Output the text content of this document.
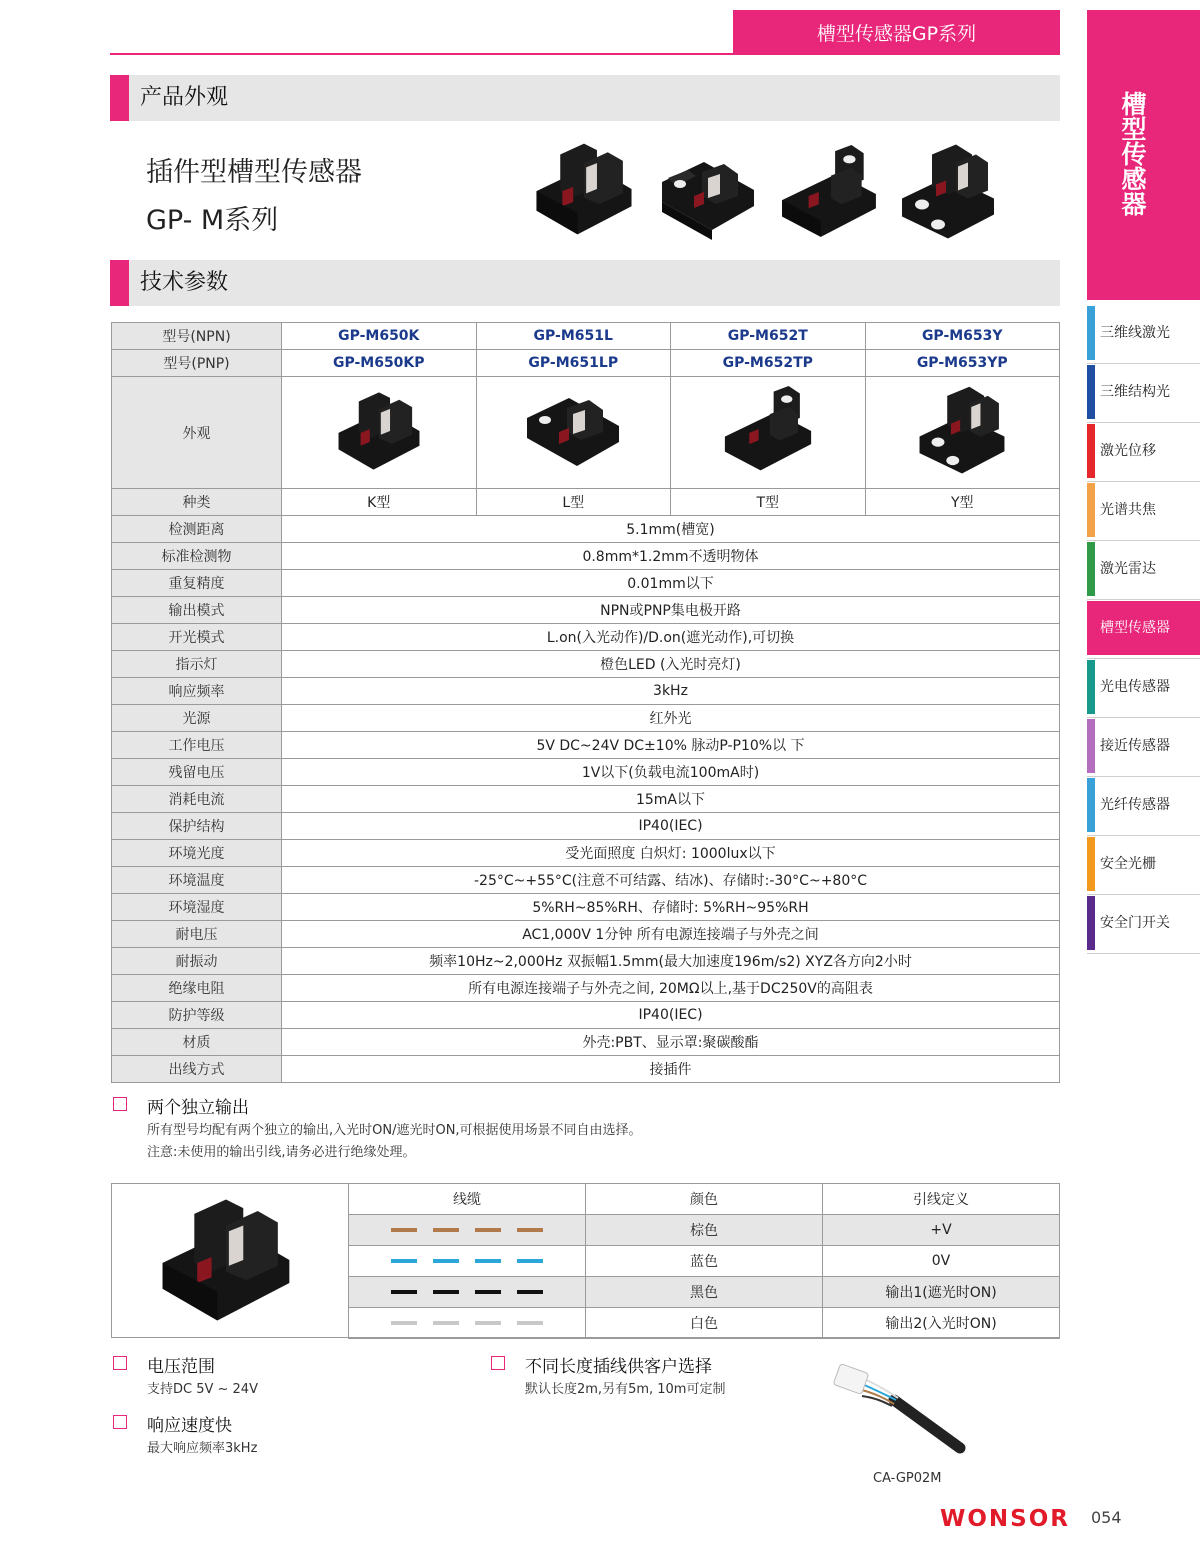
槽型传感器GP系列
产品外观
插件型槽型传感器
GP- M系列
技术参数
型号(NPN)	GP-M650K	GP-M651L	GP-M652T	GP-M653Y
型号(PNP)	GP-M650KP	GP-M651LP	GP-M652TP	GP-M653YP
外观				
种类	K型	L型	T型	Y型
检测距离	5.1mm(槽宽)			
标准检测物	0.8mm*1.2mm不透明物体			
重复精度	0.01mm以下			
输出模式	NPN或PNP集电极开路			
开光模式	L.on(入光动作)/D.on(遮光动作),可切换			
指示灯	橙色LED (入光时亮灯)			
响应频率	3kHz			
光源	红外光			
工作电压	5V DC~24V DC±10% 脉动P-P10%以 下			
残留电压	1V以下(负载电流100mA时)			
消耗电流	15mA以下			
保护结构	IP40(IEC)			
环境光度	受光面照度 白炽灯: 1000lux以下			
环境温度	-25°C~+55°C(注意不可结露、结冰)、存储时:-30°C~+80°C			
环境湿度	5%RH~85%RH、存储时: 5%RH~95%RH			
耐电压	AC1,000V 1分钟 所有电源连接端子与外壳之间			
耐振动	频率10Hz~2,000Hz 双振幅1.5mm(最大加速度196m/s2) XYZ各方向2小时			
绝缘电阻	所有电源连接端子与外壳之间, 20MΩ以上,基于DC250V的高阻表			
防护等级	IP40(IEC)			
材质	外壳:PBT、显示罩:聚碳酸酯			
出线方式	接插件			
两个独立输出
所有型号均配有两个独立的输出,入光时ON/遮光时ON,可根据使用场景不同自由选择。
注意:未使用的输出引线,请务必进行绝缘处理。
线缆	颜色	引线定义
	棕色	+V
	蓝色	0V
	黑色	输出1(遮光时ON)
	白色	输出2(入光时ON)
电压范围
支持DC 5V ~ 24V
响应速度快
最大响应频率3kHz
不同长度插线供客户选择
默认长度2m,另有5m, 10m可定制
CA-GP02M
槽型传感器
三维线激光
三维结构光
激光位移
光谱共焦
激光雷达
槽型传感器
光电传感器
接近传感器
光纤传感器
安全光栅
安全门开关
WONSOR 054
